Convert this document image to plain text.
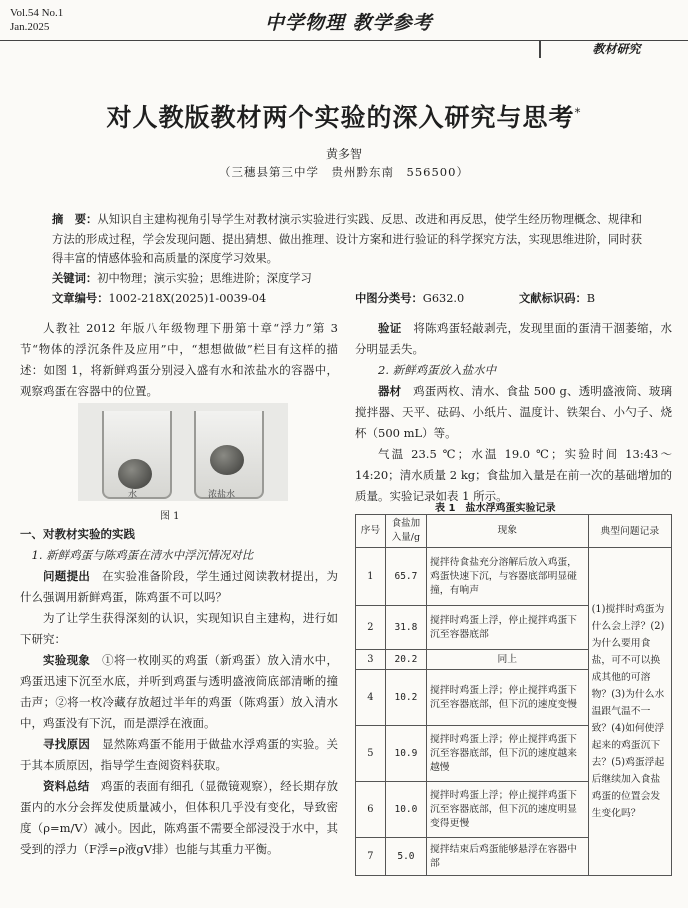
Vol.54 No.1
Jan.2025	中学物理 教学参考
教材研究
对人教版教材两个实验的深入研究与思考*
黄多智
（三穗县第三中学　贵州黔东南　556500）
摘　要：从知识自主建构视角引导学生对教材演示实验进行实践、反思、改进和再反思，使学生经历物理概念、规律和方法的形成过程，学会发现问题、提出猜想、做出推理、设计方案和进行验证的科学探究方法，实现思维进阶，同时获得丰富的情感体验和高质量的深度学习效果。
关键词：初中物理；演示实验；思维进阶；深度学习
文章编号：1002-218X(2025)1-0039-04	中图分类号：G632.0	文献标识码：B

人教社 2012 年版八年级物理下册第十章“浮力”第 3 节“物体的浮沉条件及应用”中，“想想做做”栏目有这样的描述：如图 1，将新鲜鸡蛋分别浸入盛有水和浓盐水的容器中，观察鸡蛋在容器中的位置。

水	浓盐水
图 1
一、对教材实验的实践
1. 新鲜鸡蛋与陈鸡蛋在清水中浮沉情况对比

问题提出　 在实验准备阶段，学生通过阅读教材提出，为什么强调用新鲜鸡蛋，陈鸡蛋不可以吗？

为了让学生获得深刻的认识，实现知识自主建构，进行如下研究：

实验现象　 ①将一枚刚买的鸡蛋（新鸡蛋）放入清水中，鸡蛋迅速下沉至水底，并听到鸡蛋与透明盛液筒底部清晰的撞击声；②将一枚冷藏存放超过半年的鸡蛋（陈鸡蛋）放入清水中，鸡蛋没有下沉，而是漂浮在液面。

寻找原因　 显然陈鸡蛋不能用于做盐水浮鸡蛋的实验。关于其本质原因，指导学生查阅资料获取。

资料总结　 鸡蛋的表面有细孔（显微镜观察），经长期存放蛋内的水分会挥发使质量减小，但体积几乎没有变化，导致密度（ρ=m/V）减小。因此，陈鸡蛋不需要全部浸没于水中，其受到的浮力（F浮=ρ液gV排）也能与其重力平衡。

验证　 将陈鸡蛋轻敲剥壳，发现里面的蛋清干涸萎缩，水分明显丢失。

2. 新鲜鸡蛋放入盐水中

器材　 鸡蛋两枚、清水、食盐 500 g、透明盛液筒、玻璃搅拌器、天平、砝码、小纸片、温度计、铁架台、小勺子、烧杯（500 mL）等。

气温 23.5 ℃；水温 19.0 ℃；实验时间 13:43～14:20；清水质量 2 kg；食盐加入量是在前一次的基础增加的质量。实验记录如表 1 所示。

表 1　盐水浮鸡蛋实验记录
序号	食盐加入量/g	现象	典型问题记录
1	65.7	搅拌待食盐充分溶解后放入鸡蛋，鸡蛋快速下沉，与容器底部明显碰撞，有响声	(1)搅拌时鸡蛋为什么会上浮？(2)为什么要用食盐，可不可以换成其他的可溶物？(3)为什么水温跟气温不一致？(4)如何使浮起来的鸡蛋沉下去？(5)鸡蛋浮起后继续加入食盐鸡蛋的位置会发生变化吗？
2	31.8	搅拌时鸡蛋上浮，停止搅拌鸡蛋下沉至容器底部	
3	20.2	同上	
4	10.2	搅拌时鸡蛋上浮；停止搅拌鸡蛋下沉至容器底部，但下沉的速度变慢	
5	10.9	搅拌时鸡蛋上浮；停止搅拌鸡蛋下沉至容器底部，但下沉的速度越来越慢	
6	10.0	搅拌时鸡蛋上浮；停止搅拌鸡蛋下沉至容器底部，但下沉的速度明显变得更慢	
7	5.0	搅拌结束后鸡蛋能够悬浮在容器中部	
